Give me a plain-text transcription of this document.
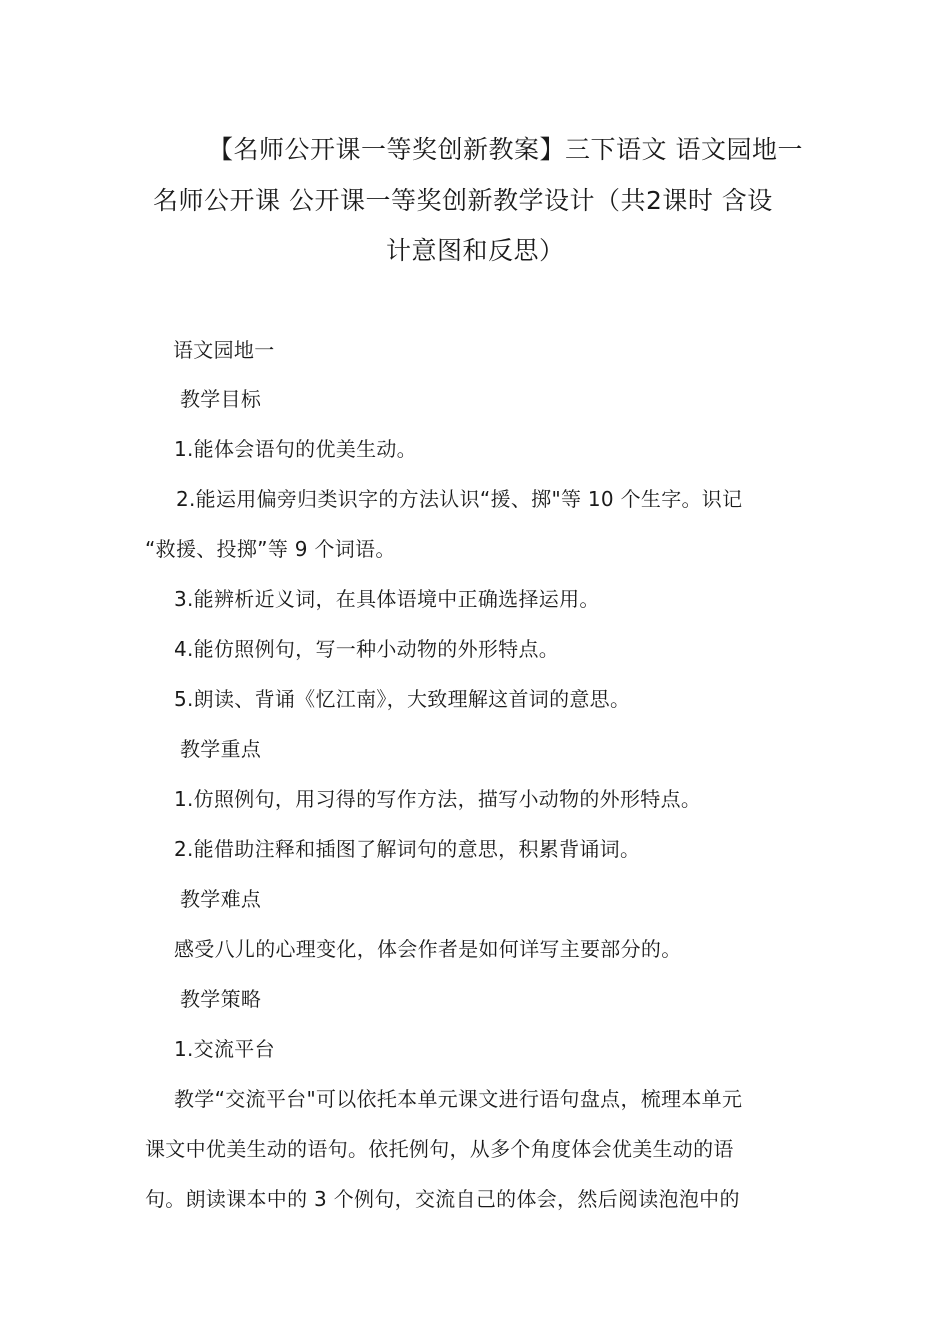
【名师公开课一等奖创新教案】三下语文 语文园地一
名师公开课 公开课一等奖创新教学设计（共2课时 含设
计意图和反思）
语文园地一
教学目标
1.能体会语句的优美生动。
2.能运用偏旁归类识字的方法认识“援、掷"等 10 个生字。识记
“救援、投掷”等 9 个词语。
3.能辨析近义词，在具体语境中正确选择运用。
4.能仿照例句，写一种小动物的外形特点。
5.朗读、背诵《忆江南》，大致理解这首词的意思。
教学重点
1.仿照例句，用习得的写作方法，描写小动物的外形特点。
2.能借助注释和插图了解词句的意思，积累背诵词。
教学难点
感受八儿的心理变化，体会作者是如何详写主要部分的。
教学策略
1.交流平台
教学“交流平台"可以依托本单元课文进行语句盘点，梳理本单元
课文中优美生动的语句。依托例句，从多个角度体会优美生动的语
句。朗读课本中的 3 个例句，交流自己的体会，然后阅读泡泡中的
